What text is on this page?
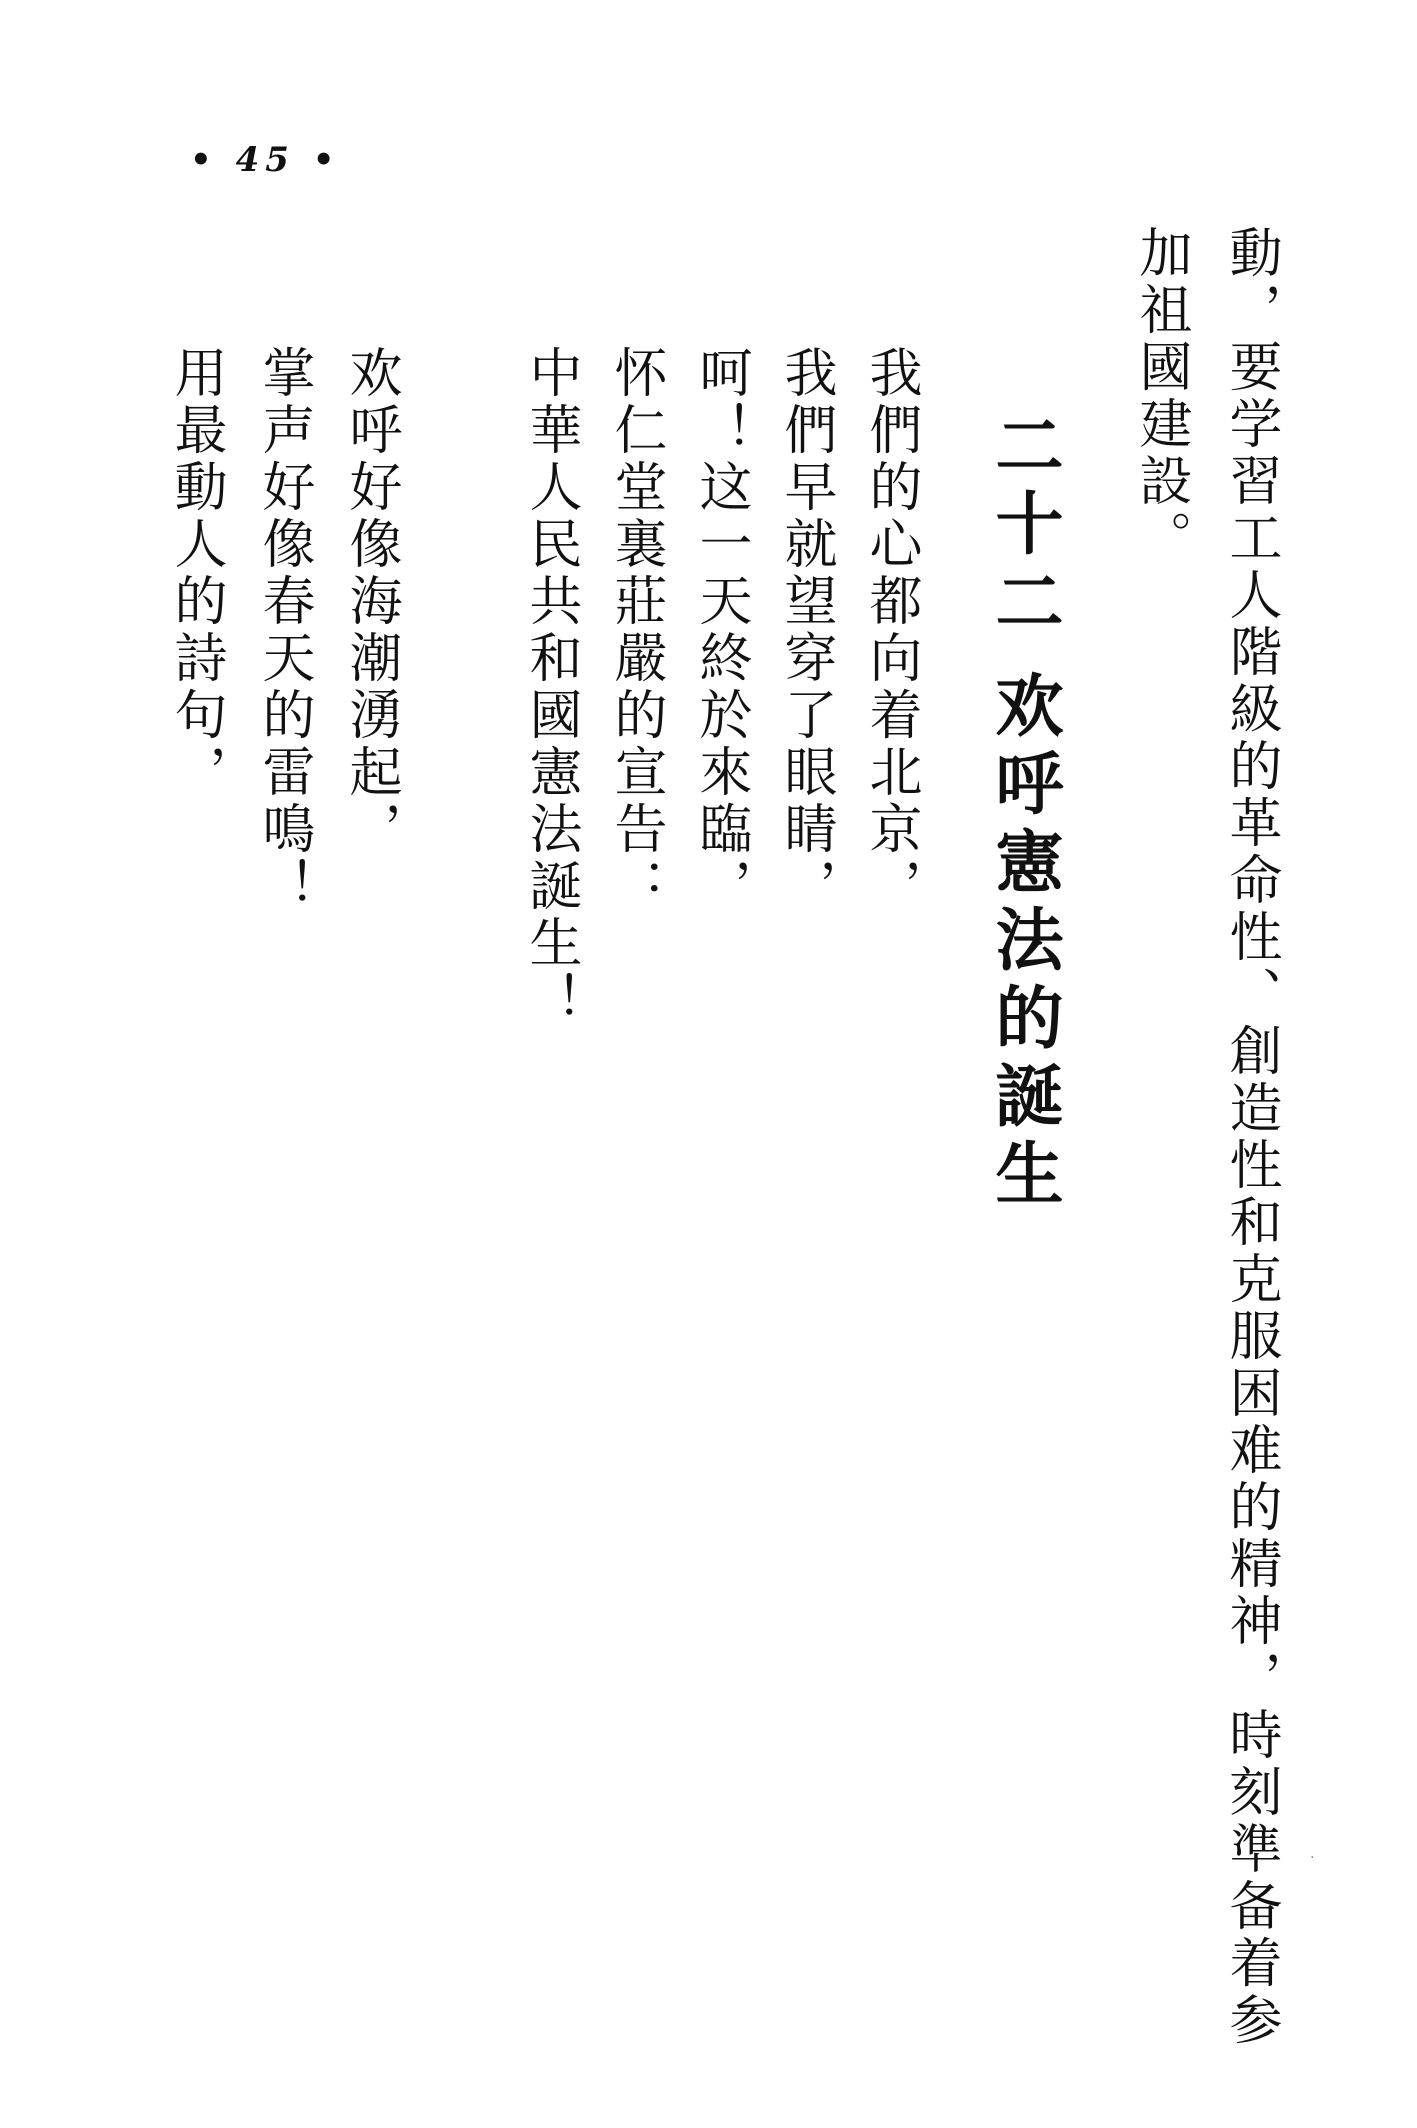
• 45 •
動，要学習工人階級的革命性、創造性和克服困难的精神，時刻準备着参
加祖國建設。
二十二
欢呼憲法的誕生
我們的心都向着北京，
我們早就望穿了眼睛，
呵！这一天終於來臨，
怀仁堂裏莊嚴的宣告：
中華人民共和國憲法誕生！
欢呼好像海潮湧起，
掌声好像春天的雷鳴！
用最動人的詩句，
·
